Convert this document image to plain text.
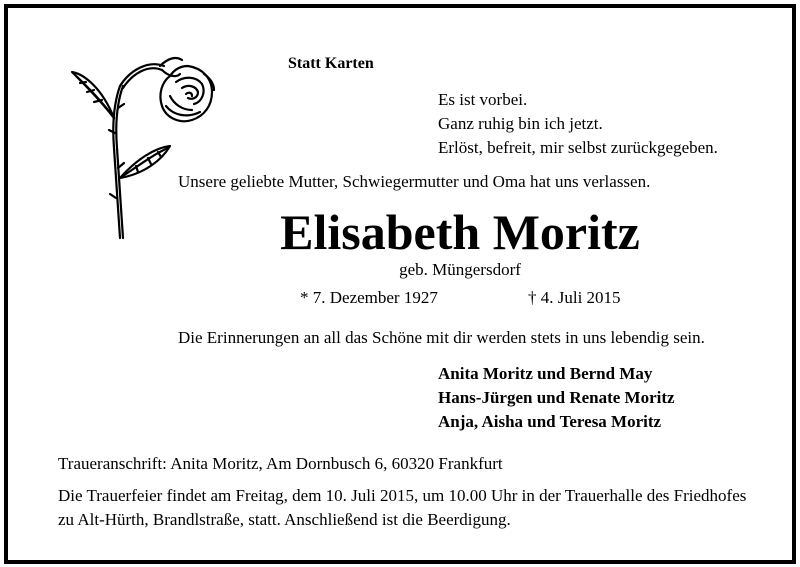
Statt Karten
Es ist vorbei.
Ganz ruhig bin ich jetzt.
Erlöst, befreit, mir selbst zurückgegeben.
Unsere geliebte Mutter, Schwiegermutter und Oma hat uns verlassen.
Elisabeth Moritz
geb. Müngersdorf
* 7. Dezember 1927	† 4. Juli 2015
Die Erinnerungen an all das Schöne mit dir werden stets in uns lebendig sein.
Anita Moritz und Bernd May
Hans-Jürgen und Renate Moritz
Anja, Aisha und Teresa Moritz
Traueranschrift: Anita Moritz, Am Dornbusch 6, 60320 Frankfurt
Die Trauerfeier findet am Freitag, dem 10. Juli 2015, um 10.00 Uhr in der Trauerhalle des Friedhofes zu Alt-Hürth, Brandlstraße, statt. Anschließend ist die Beerdigung.
